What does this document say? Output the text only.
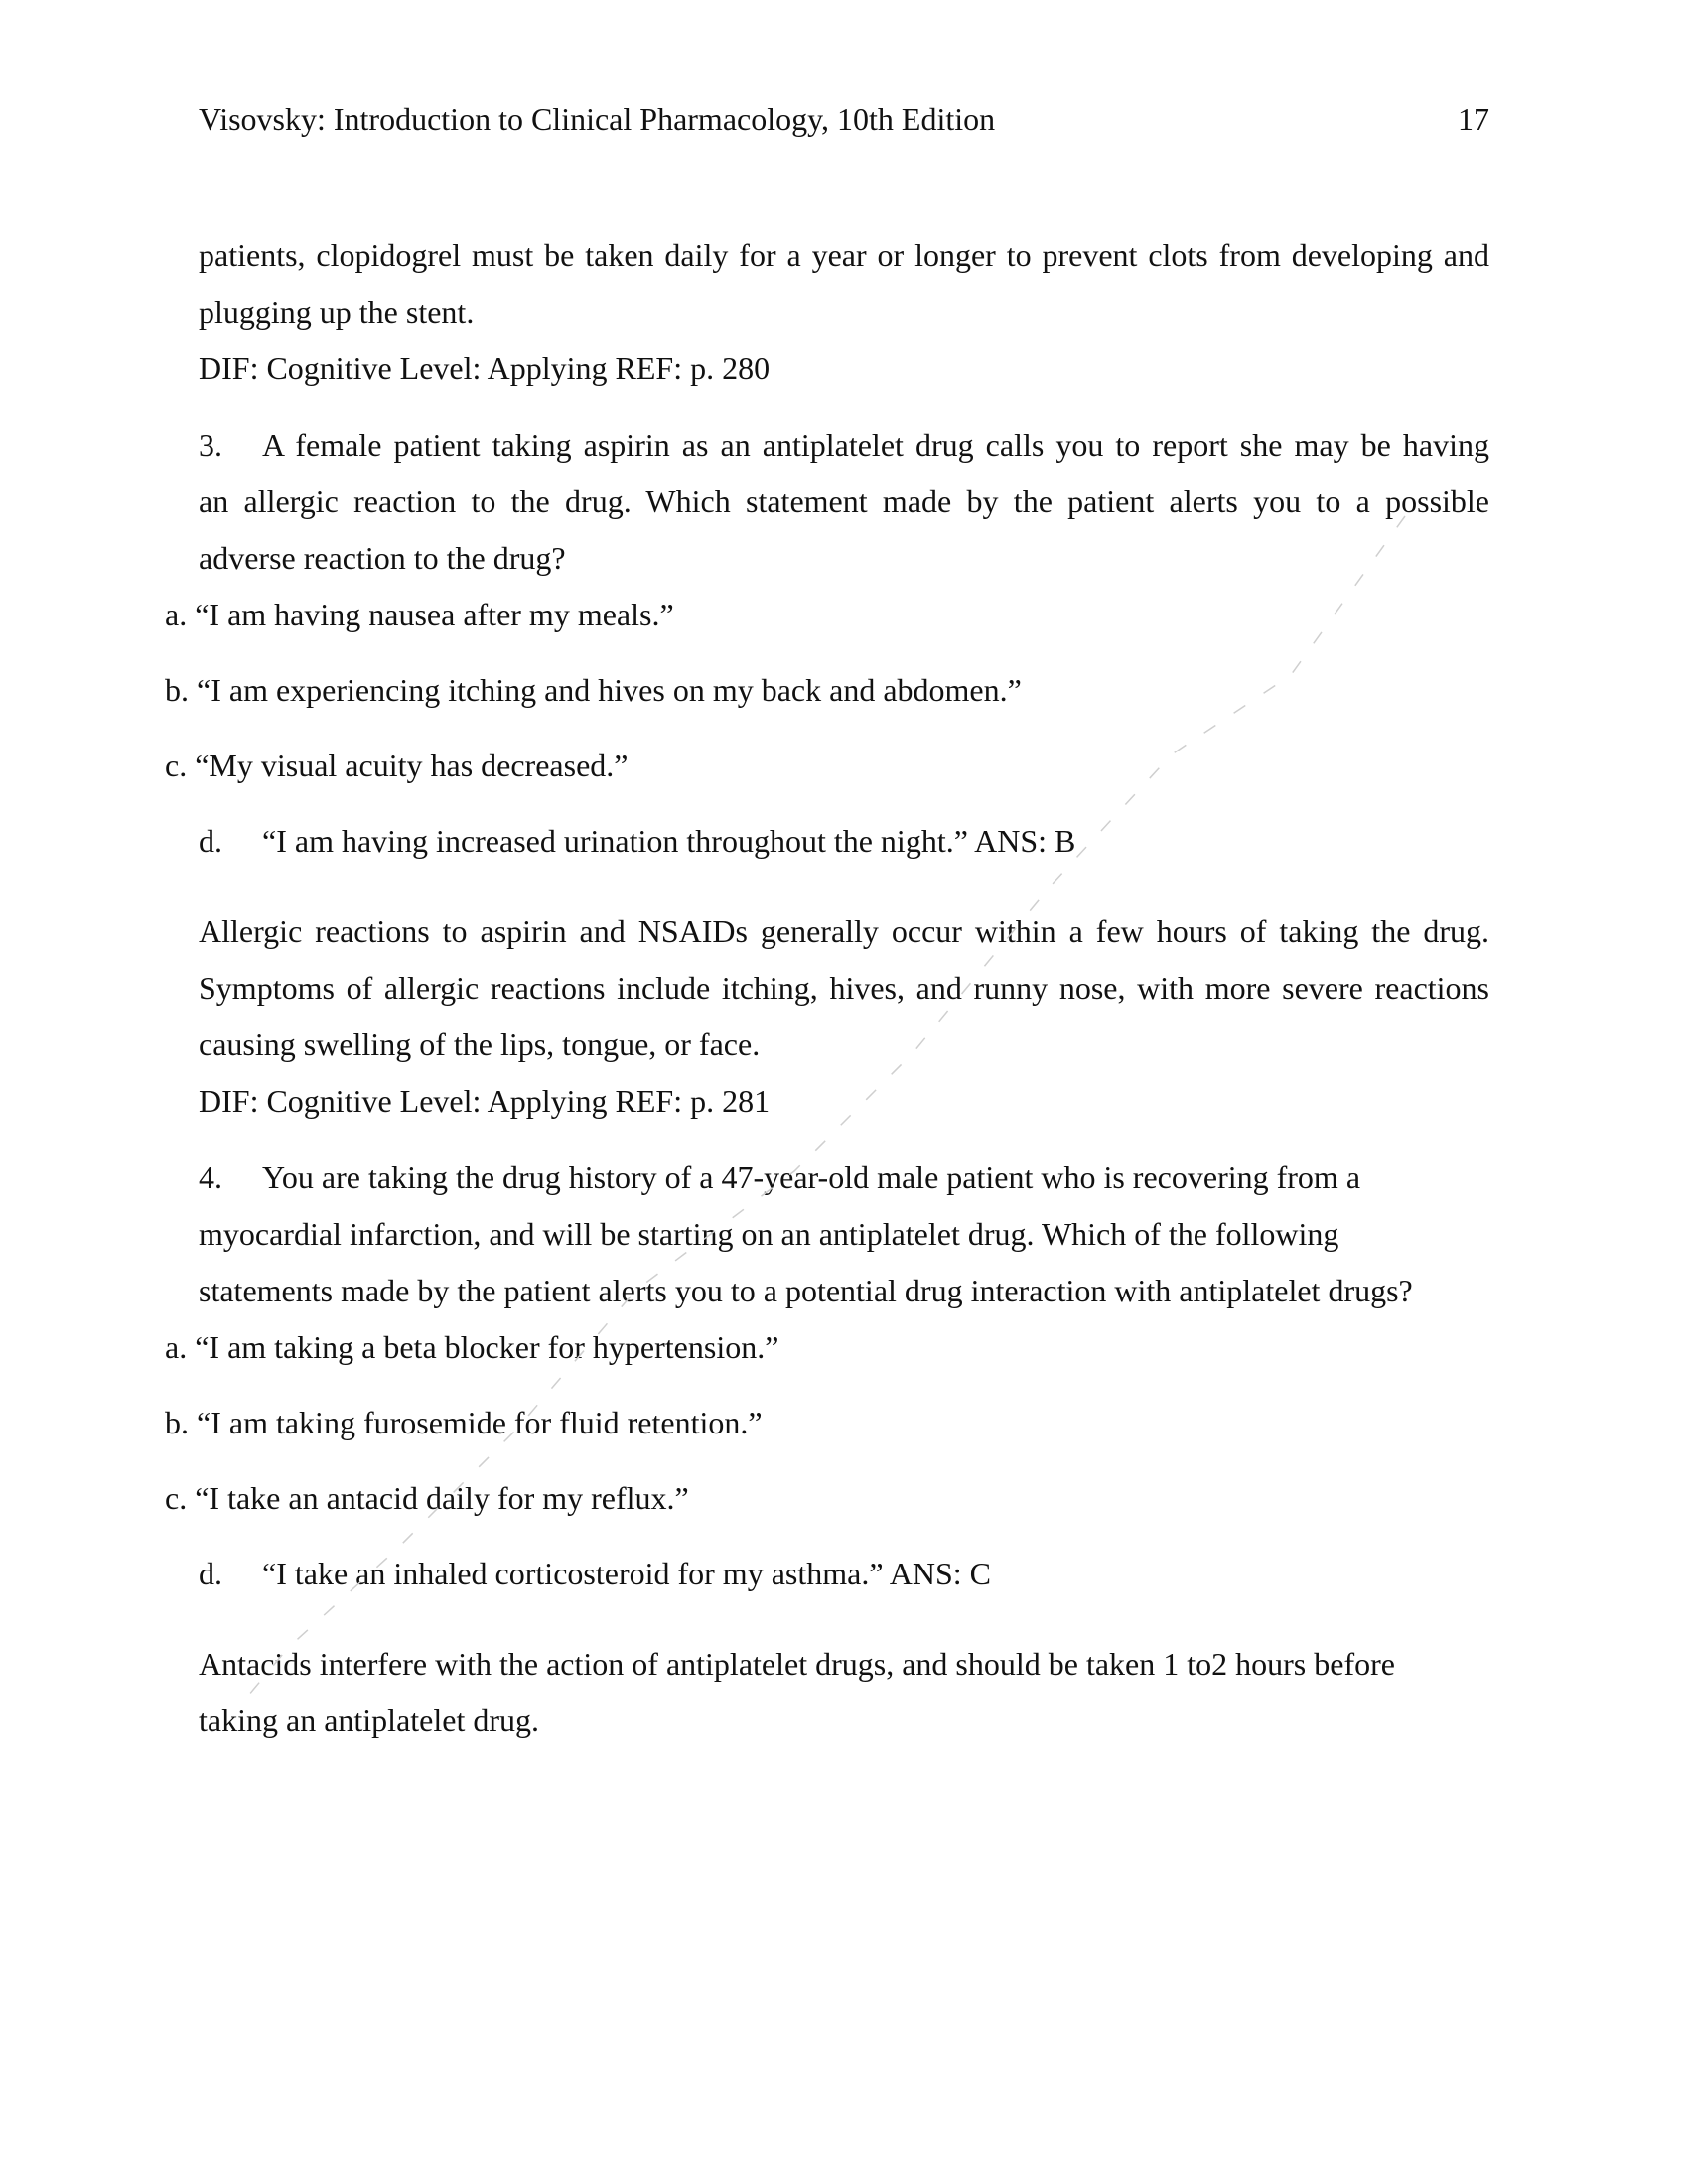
Visovsky: Introduction to Clinical Pharmacology, 10th Edition	17

patients, clopidogrel must be taken daily for a year or longer to prevent clots from developing and

plugging up the stent.

DIF: Cognitive Level: Applying REF: p. 280

A female patient taking aspirin as an antiplatelet drug calls you to report she may be having

3.

an allergic reaction to the drug. Which statement made by the patient alerts you to a possible

adverse reaction to the drug?

a. “I am having nausea after my meals.”
b. “I am experiencing itching and hives on my back and abdomen.”
c. “My visual acuity has decreased.”
d. “I am having increased urination throughout the night.” ANS: B

Allergic reactions to aspirin and NSAIDs generally occur within a few hours of taking the drug.

Symptoms of allergic reactions include itching, hives, and runny nose, with more severe reactions

causing swelling of the lips, tongue, or face.

DIF: Cognitive Level: Applying REF: p. 281

4. You are taking the drug history of a 47-year-old male patient who is recovering from a

myocardial infarction, and will be starting on an antiplatelet drug. Which of the following

statements made by the patient alerts you to a potential drug interaction with antiplatelet drugs?

a. “I am taking a beta blocker for hypertension.”
b. “I am taking furosemide for fluid retention.”
c. “I take an antacid daily for my reflux.”
d. “I take an inhaled corticosteroid for my asthma.” ANS: C

Antacids interfere with the action of antiplatelet drugs, and should be taken 1 to2 hours before

taking an antiplatelet drug.
